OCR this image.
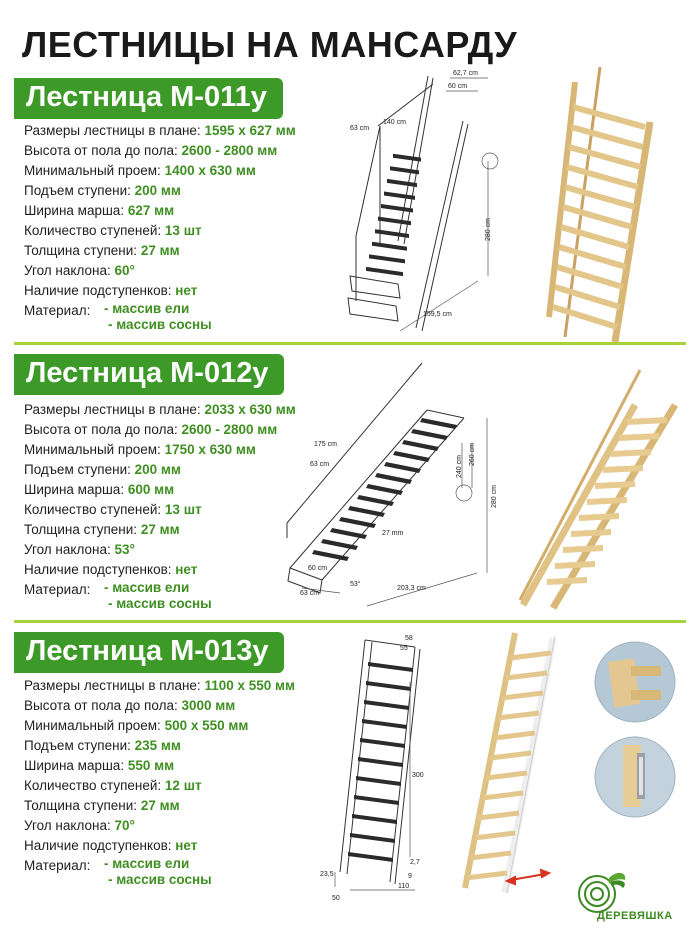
ЛЕСТНИЦЫ НА МАНСАРДУ
Лестница М-011у
Размеры лестницы в плане: 1595 х 627 мм
Высота от пола до пола: 2600 - 2800 мм
Минимальный проем: 1400 х 630 мм
Подъем ступени: 200 мм
Ширина марша: 627 мм
Количество ступеней: 13 шт
Толщина ступени: 27 мм
Угол наклона: 60°
Наличие подступенков: нет
Материал: - массив ели
- массив сосны
62,7 cm
60 cm
140 cm
63 cm
280 cm
159,5 cm
Лестница М-012у
Размеры лестницы в плане: 2033 х 630 мм
Высота от пола до пола: 2600 - 2800 мм
Минимальный проем: 1750 х 630 мм
Подъем ступени: 200 мм
Ширина марша: 600 мм
Количество ступеней: 13 шт
Толщина ступени: 27 мм
Угол наклона: 53°
Наличие подступенков: нет
Материал: - массив ели
- массив сосны
175 cm
63 cm	240 cm
260 cm
280 cm
27 mm
60 cm
63 cm
53°
203,3 cm
Лестница М-013у
Размеры лестницы в плане: 1100 х 550 мм
Высота от пола до пола: 3000 мм
Минимальный проем: 500 х 550 мм
Подъем ступени: 235 мм
Ширина марша: 550 мм
Количество ступеней: 12 шт
Толщина ступени: 27 мм
Угол наклона: 70°
Наличие подступенков: нет
Материал: - массив ели
- массив сосны
58
55
300
2,7
23,5	9
110
50
ДЕРЕВЯШКА
